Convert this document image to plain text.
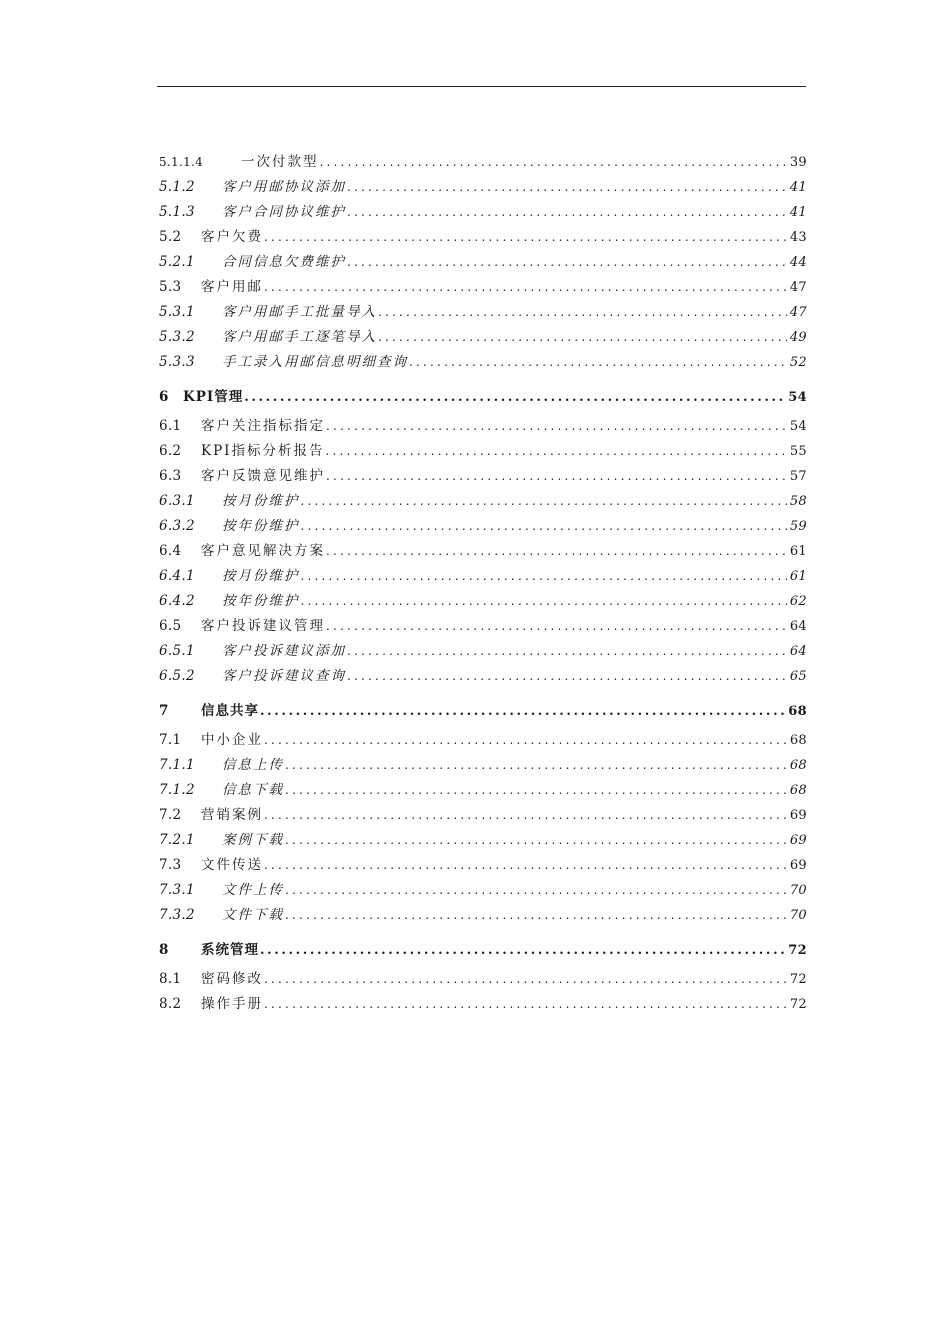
5.1.1.4	一次付款型 .....	39
5.1.2	客户用邮协议添加 .....	41
5.1.3	客户合同协议维护 .....	41
5.2	客户欠费 .....	43
5.2.1	合同信息欠费维护 .....	44
5.3	客户用邮 .....	47
5.3.1	客户用邮手工批量导入 .....	47
5.3.2	客户用邮手工逐笔导入 .....	49
5.3.3	手工录入用邮信息明细查询 .....	52
6	KPI管理 .....	54
6.1	客户关注指标指定 .....	54
6.2	KPI指标分析报告 .....	55
6.3	客户反馈意见维护 .....	57
6.3.1	按月份维护 .....	58
6.3.2	按年份维护 .....	59
6.4	客户意见解决方案 .....	61
6.4.1	按月份维护 .....	61
6.4.2	按年份维护 .....	62
6.5	客户投诉建议管理 .....	64
6.5.1	客户投诉建议添加 .....	64
6.5.2	客户投诉建议查询 .....	65
7	信息共享 .....	68
7.1	中小企业 .....	68
7.1.1	信息上传 .....	68
7.1.2	信息下载 .....	68
7.2	营销案例 .....	69
7.2.1	案例下载 .....	69
7.3	文件传送 .....	69
7.3.1	文件上传 .....	70
7.3.2	文件下载 .....	70
8	系统管理 .....	72
8.1	密码修改 .....	72
8.2	操作手册 .....	72
